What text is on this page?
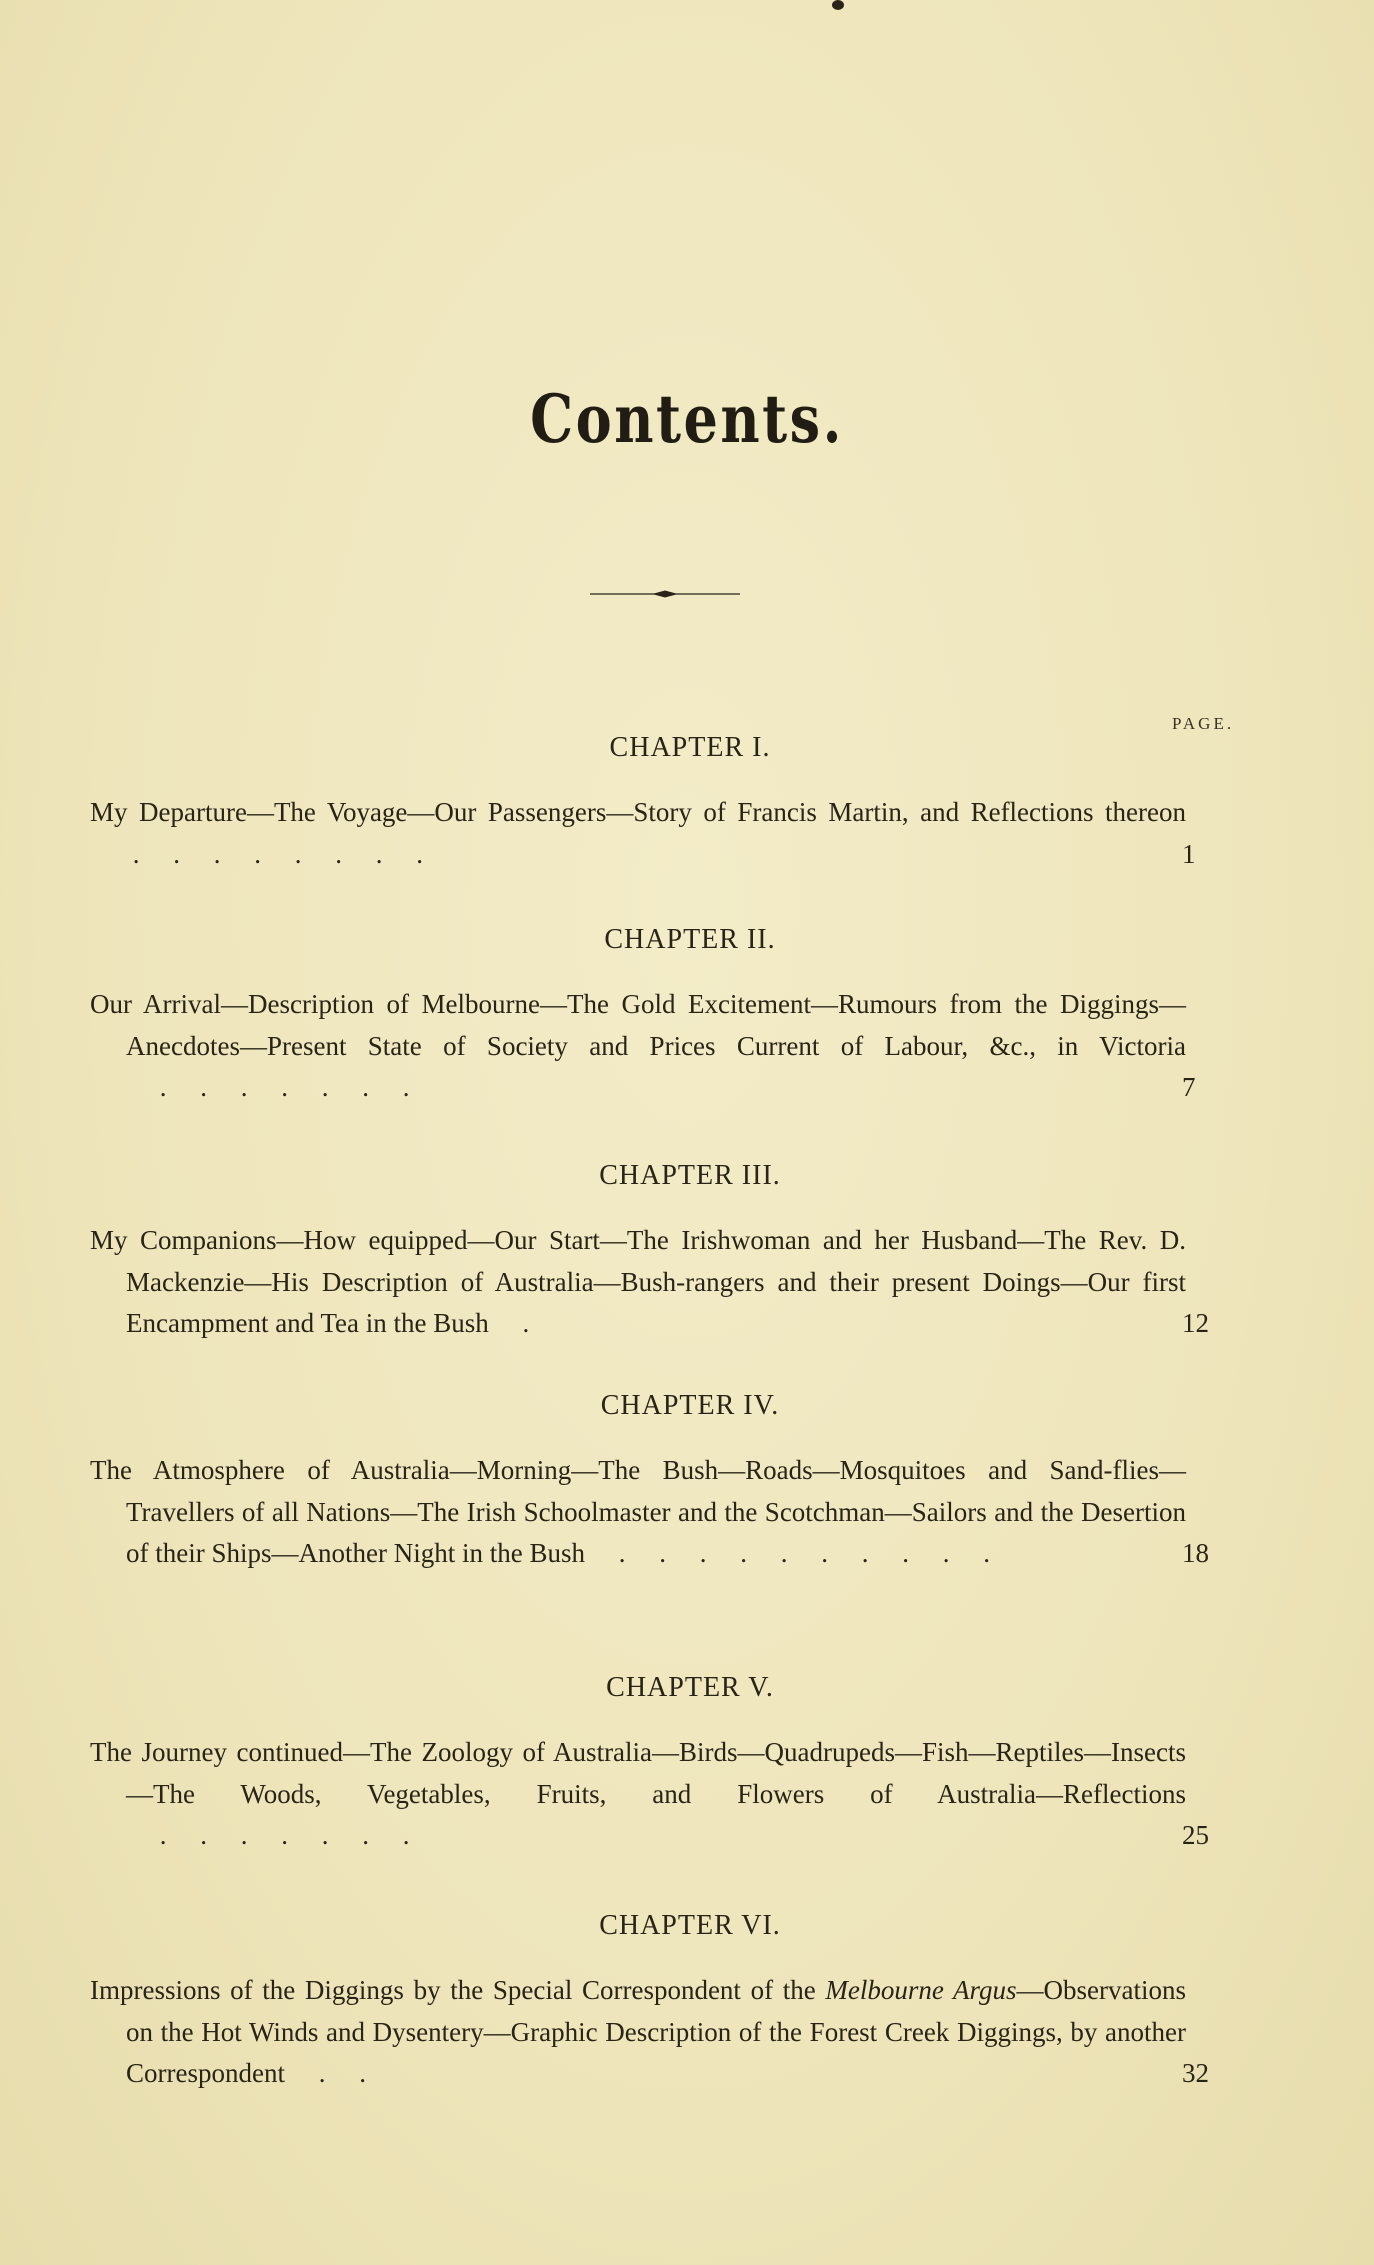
Contents.
PAGE.
CHAPTER I.
My Departure—The Voyage—Our Passengers—Story of Francis Martin, and Reflections thereon .     .     .     .     .     .     .     .	1
CHAPTER II.
Our Arrival—Description of Melbourne—The Gold Excitement—Rumours from the Diggings—Anecdotes—Present State of Society and Prices Current of Labour, &c., in Victoria     .     .     .     .     .     .     .	7
CHAPTER III.
My Companions—How equipped—Our Start—The Irishwoman and her Husband—The Rev. D. Mackenzie—His Description of Australia—Bush-rangers and their present Doings—Our first Encampment and Tea in the Bush     .	12
CHAPTER IV.
The Atmosphere of Australia—Morning—The Bush—Roads—Mosquitoes and Sand-flies—Travellers of all Nations—The Irish Schoolmaster and the Scotchman—Sailors and the Desertion of their Ships—Another Night in the Bush     .     .     .     .     .     .     .     .     .     .	18
CHAPTER V.
The Journey continued—The Zoology of Australia—Birds—Quadrupeds—Fish—Reptiles—Insects—The Woods, Vegetables, Fruits, and Flowers of Australia—Reflections     .     .     .     .     .     .     .	25
CHAPTER VI.
Impressions of the Diggings by the Special Correspondent of the Melbourne Argus—Observations on the Hot Winds and Dysentery—Graphic Description of the Forest Creek Diggings, by another Correspondent     .     .	32
